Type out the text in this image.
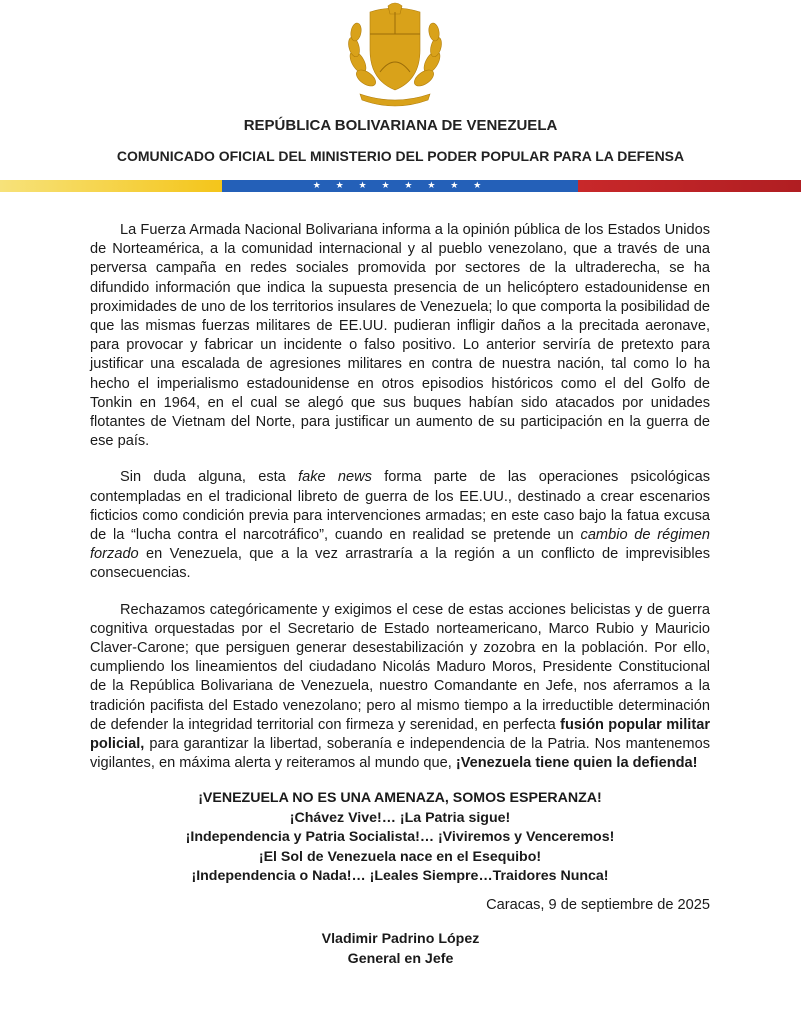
REPÚBLICA BOLIVARIANA DE VENEZUELA
COMUNICADO OFICIAL DEL MINISTERIO DEL PODER POPULAR PARA LA DEFENSA
★ ★ ★ ★ ★ ★ ★ ★

La Fuerza Armada Nacional Bolivariana informa a la opinión pública de los Estados Unidos de Norteamérica, a la comunidad internacional y al pueblo venezolano, que a través de una perversa campaña en redes sociales promovida por sectores de la ultraderecha, se ha difundido información que indica la supuesta presencia de un helicóptero estadounidense en proximidades de uno de los territorios insulares de Venezuela; lo que comporta la posibilidad de que las mismas fuerzas militares de EE.UU. pudieran infligir daños a la precitada aeronave, para provocar y fabricar un incidente o falso positivo. Lo anterior serviría de pretexto para justificar una escalada de agresiones militares en contra de nuestra nación, tal como lo ha hecho el imperialismo estadounidense en otros episodios históricos como el del Golfo de Tonkin en 1964, en el cual se alegó que sus buques habían sido atacados por unidades flotantes de Vietnam del Norte, para justificar un aumento de su participación en la guerra de ese país.

Sin duda alguna, esta fake news forma parte de las operaciones psicológicas contempladas en el tradicional libreto de guerra de los EE.UU., destinado a crear escenarios ficticios como condición previa para intervenciones armadas; en este caso bajo la fatua excusa de la “lucha contra el narcotráfico”, cuando en realidad se pretende un cambio de régimen forzado en Venezuela, que a la vez arrastraría a la región a un conflicto de imprevisibles consecuencias.

Rechazamos categóricamente y exigimos el cese de estas acciones belicistas y de guerra cognitiva orquestadas por el Secretario de Estado norteamericano, Marco Rubio y Mauricio Claver-Carone; que persiguen generar desestabilización y zozobra en la población. Por ello, cumpliendo los lineamientos del ciudadano Nicolás Maduro Moros, Presidente Constitucional de la República Bolivariana de Venezuela, nuestro Comandante en Jefe, nos aferramos a la tradición pacifista del Estado venezolano; pero al mismo tiempo a la irreductible determinación de defender la integridad territorial con firmeza y serenidad, en perfecta fusión popular militar policial, para garantizar la libertad, soberanía e independencia de la Patria. Nos mantenemos vigilantes, en máxima alerta y reiteramos al mundo que, ¡Venezuela tiene quien la defienda!

¡VENEZUELA NO ES UNA AMENAZA, SOMOS ESPERANZA!
¡Chávez Vive!… ¡La Patria sigue!
¡Independencia y Patria Socialista!… ¡Viviremos y Venceremos!
¡El Sol de Venezuela nace en el Esequibo!
¡Independencia o Nada!… ¡Leales Siempre…Traidores Nunca!
Caracas, 9 de septiembre de 2025
Vladimir Padrino López
General en Jefe
